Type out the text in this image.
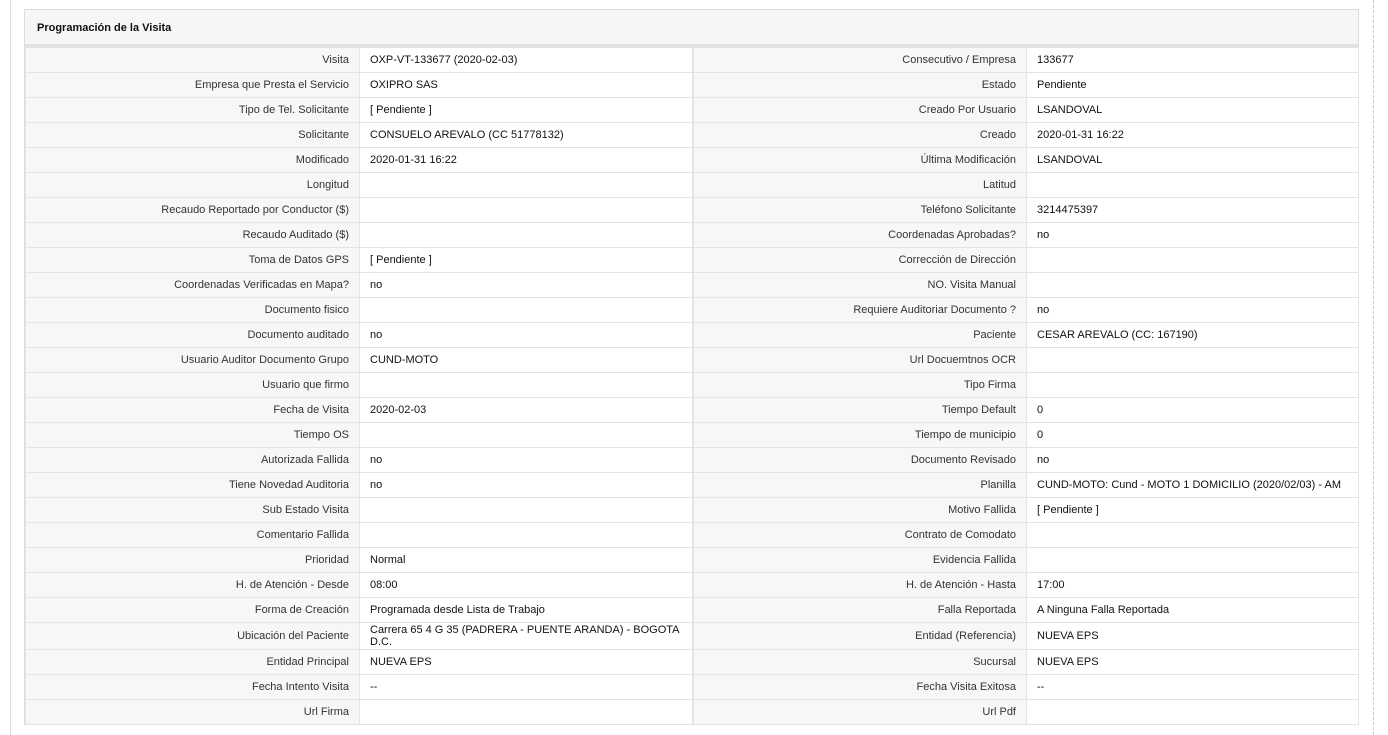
Programación de la Visita
Visita	OXP-VT-133677 (2020-02-03)	Consecutivo / Empresa	133677
Empresa que Presta el Servicio	OXIPRO SAS	Estado	Pendiente
Tipo de Tel. Solicitante	[ Pendiente ]	Creado Por Usuario	LSANDOVAL
Solicitante	CONSUELO AREVALO (CC 51778132)	Creado	2020-01-31 16:22
Modificado	2020-01-31 16:22	Última Modificación	LSANDOVAL
Longitud		Latitud	
Recaudo Reportado por Conductor ($)		Teléfono Solicitante	3214475397
Recaudo Auditado ($)		Coordenadas Aprobadas?	no
Toma de Datos GPS	[ Pendiente ]	Corrección de Dirección	
Coordenadas Verificadas en Mapa?	no	NO. Visita Manual	
Documento fisico		Requiere Auditoriar Documento ?	no
Documento auditado	no	Paciente	CESAR AREVALO (CC: 167190)
Usuario Auditor Documento Grupo	CUND-MOTO	Url Docuemtnos OCR	
Usuario que firmo		Tipo Firma	
Fecha de Visita	2020-02-03	Tiempo Default	0
Tiempo OS		Tiempo de municipio	0
Autorizada Fallida	no	Documento Revisado	no
Tiene Novedad Auditoria	no	Planilla	CUND-MOTO: Cund - MOTO 1 DOMICILIO (2020/02/03) - AM
Sub Estado Visita		Motivo Fallida	[ Pendiente ]
Comentario Fallida		Contrato de Comodato	
Prioridad	Normal	Evidencia Fallida	
H. de Atención - Desde	08:00	H. de Atención - Hasta	17:00
Forma de Creación	Programada desde Lista de Trabajo	Falla Reportada	A Ninguna Falla Reportada
Ubicación del Paciente	Carrera 65 4 G 35 (PADRERA - PUENTE ARANDA) - BOGOTA D.C.	Entidad (Referencia)	NUEVA EPS
Entidad Principal	NUEVA EPS	Sucursal	NUEVA EPS
Fecha Intento Visita	--	Fecha Visita Exitosa	--
Url Firma		Url Pdf	
